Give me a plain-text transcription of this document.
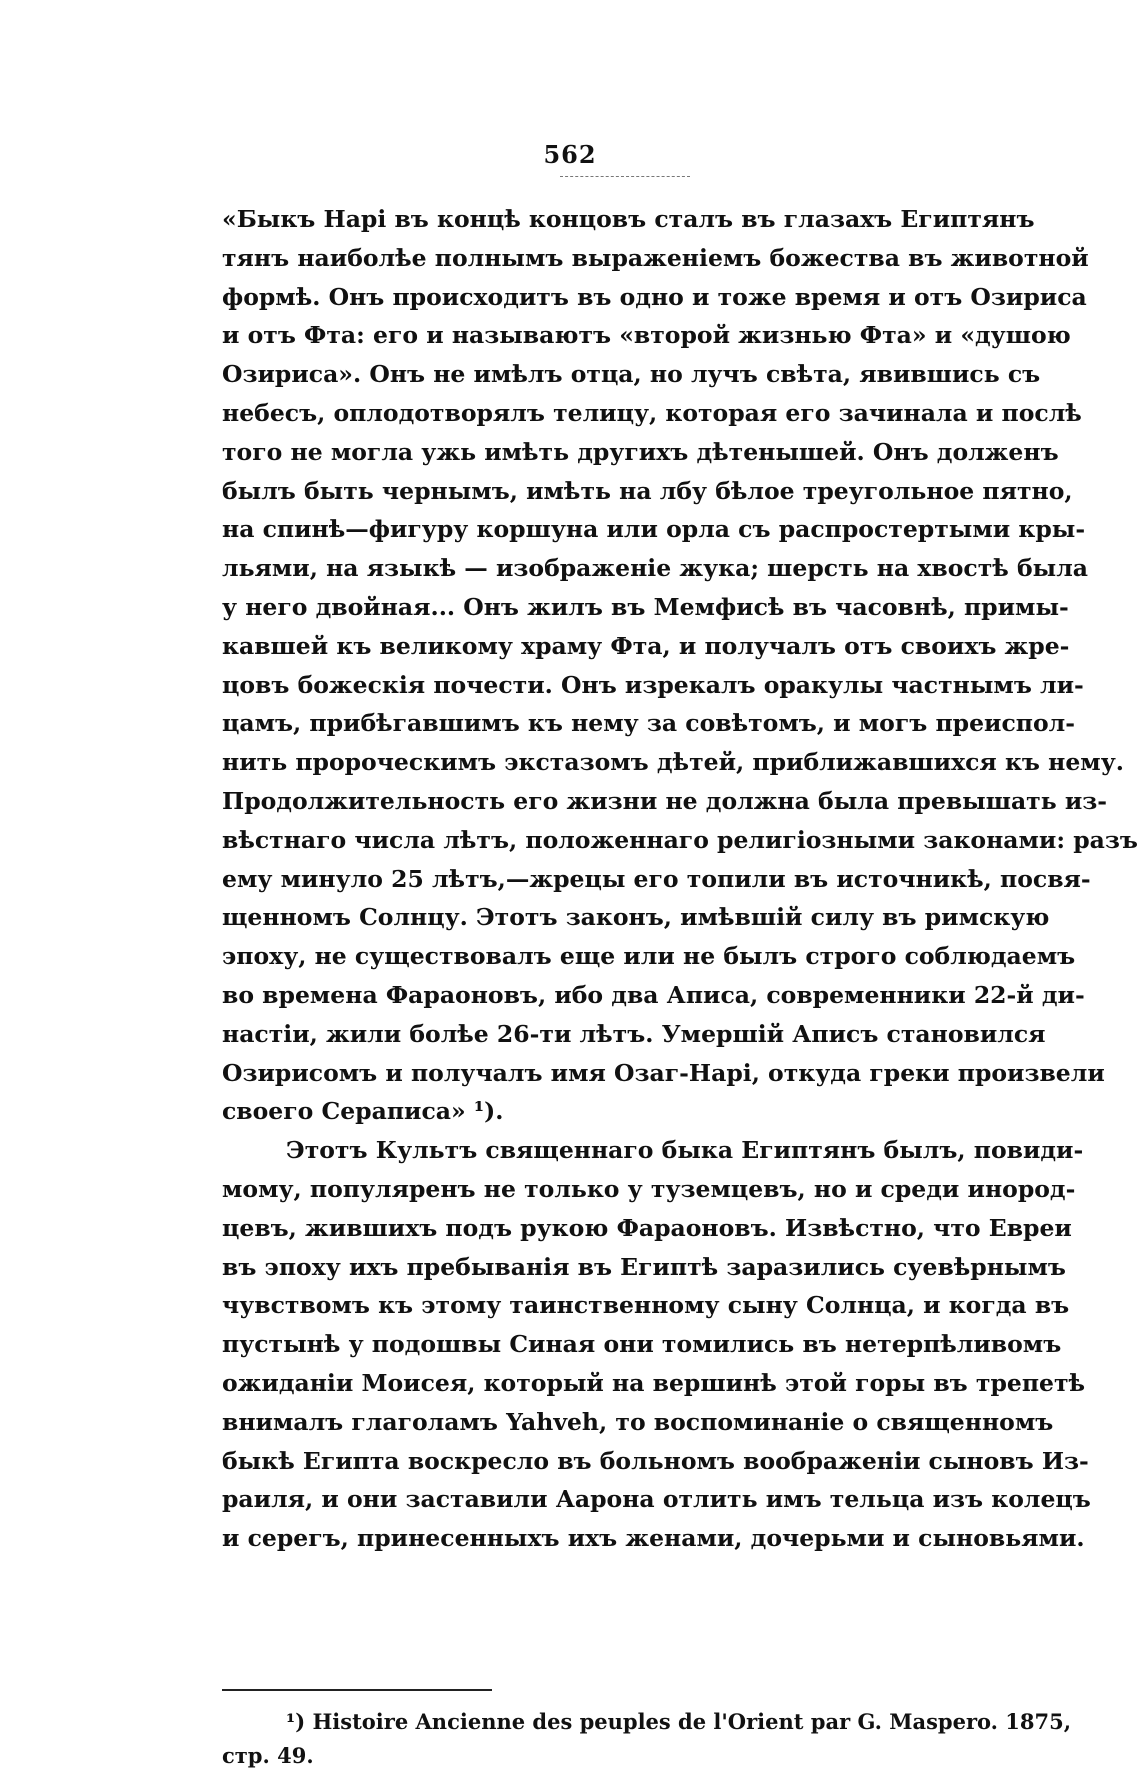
562
«Быкъ Нарі въ концѣ концовъ сталъ въ глазахъ Египтянъ
тянъ наиболѣе полнымъ выраженіемъ божества въ животной
формѣ. Онъ происходитъ въ одно и тоже время и отъ Озириса
и отъ Фта: его и называютъ «второй жизнью Фта» и «душою
Озириса». Онъ не имѣлъ отца, но лучъ свѣта, явившись съ
небесъ, оплодотворялъ телицу, которая его зачинала и послѣ
того не могла ужь имѣть другихъ дѣтенышей. Онъ долженъ
былъ быть чернымъ, имѣть на лбу бѣлое треугольное пятно,
на спинѣ—фигуру коршуна или орла съ распростертыми кры-
льями, на языкѣ — изображеніе жука; шерсть на хвостѣ была
у него двойная... Онъ жилъ въ Мемфисѣ въ часовнѣ, примы-
кавшей къ великому храму Фта, и получалъ отъ своихъ жре-
цовъ божескія почести. Онъ изрекалъ оракулы частнымъ ли-
цамъ, прибѣгавшимъ къ нему за совѣтомъ, и могъ преиспол-
нить пророческимъ экстазомъ дѣтей, приближавшихся къ нему.
Продолжительность его жизни не должна была превышать из-
вѣстнаго числа лѣтъ, положеннаго религіозными законами: разъ
ему минуло 25 лѣтъ,—жрецы его топили въ источникѣ, посвя-
щенномъ Солнцу. Этотъ законъ, имѣвшій силу въ римскую
эпоху, не существовалъ еще или не былъ строго соблюдаемъ
во времена Фараоновъ, ибо два Аписа, современники 22-й ди-
настіи, жили болѣе 26-ти лѣтъ. Умершій Аписъ становился
Озирисомъ и получалъ имя Озаг-Нарі, откуда греки произвели
своего Сераписа» ¹).
Этотъ Культъ священнаго быка Египтянъ былъ, повиди-
мому, популяренъ не только у туземцевъ, но и среди инород-
цевъ, жившихъ подъ рукою Фараоновъ. Извѣстно, что Евреи
въ эпоху ихъ пребыванія въ Египтѣ заразились суевѣрнымъ
чувствомъ къ этому таинственному сыну Солнца, и когда въ
пустынѣ у подошвы Синая они томились въ нетерпѣливомъ
ожиданіи Моисея, который на вершинѣ этой горы въ трепетѣ
внималъ глаголамъ Yahveh, то воспоминаніе о священномъ
быкѣ Египта воскресло въ больномъ воображеніи сыновъ Из-
раиля, и они заставили Аарона отлить имъ тельца изъ колецъ
и серегъ, принесенныхъ ихъ женами, дочерьми и сыновьями.
¹) Histoire Ancienne des peuples de l'Orient par G. Maspero. 1875,
стр. 49.
